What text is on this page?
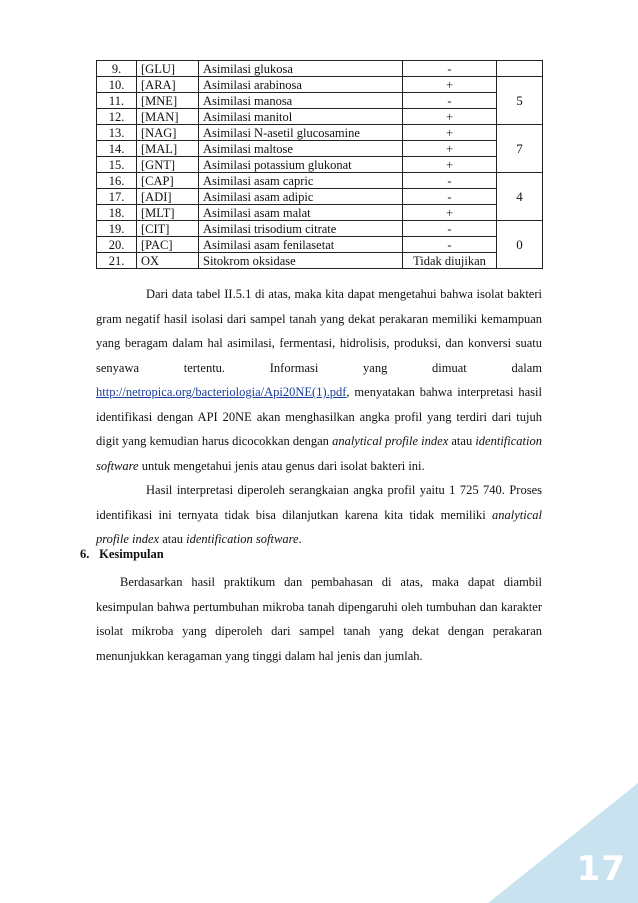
9.	[GLU]	Asimilasi glukosa	-		
10.	[ARA]	Asimilasi arabinosa	+	5	
11.	[MNE]	Asimilasi manosa	-		
12.	[MAN]	Asimilasi manitol	+		
13.	[NAG]	Asimilasi N-asetil glucosamine	+	7	
14.	[MAL]	Asimilasi maltose	+		
15.	[GNT]	Asimilasi potassium glukonat	+		
16.	[CAP]	Asimilasi asam capric	-	4	
17.	[ADI]	Asimilasi asam adipic	-		
18.	[MLT]	Asimilasi asam malat	+		
19.	[CIT]	Asimilasi trisodium citrate	-	0	
20.	[PAC]	Asimilasi asam fenilasetat	-		
21.	OX	Sitokrom oksidase	Tidak diujikan		

Dari data tabel II.5.1 di atas, maka kita dapat mengetahui bahwa isolat bakteri gram negatif hasil isolasi dari sampel tanah yang dekat perakaran memiliki kemampuan yang beragam dalam hal asimilasi, fermentasi, hidrolisis, produksi, dan konversi suatu senyawa tertentu. Informasi yang dimuat dalam http://netropica.org/bacteriologia/Api20NE(1).pdf, menyatakan bahwa interpretasi hasil identifikasi dengan API 20NE akan menghasilkan angka profil yang terdiri dari tujuh digit yang kemudian harus dicocokkan dengan analytical profile index atau identification software untuk mengetahui jenis atau genus dari isolat bakteri ini.

Hasil interpretasi diperoleh serangkaian angka profil yaitu 1 725 740. Proses identifikasi ini ternyata tidak bisa dilanjutkan karena kita tidak memiliki analytical profile index atau identification software.

6. Kesimpulan

Berdasarkan hasil praktikum dan pembahasan di atas, maka dapat diambil kesimpulan bahwa pertumbuhan mikroba tanah dipengaruhi oleh tumbuhan dan karakter isolat mikroba yang diperoleh dari sampel tanah yang dekat dengan perakaran menunjukkan keragaman yang tinggi dalam hal jenis dan jumlah.

17
